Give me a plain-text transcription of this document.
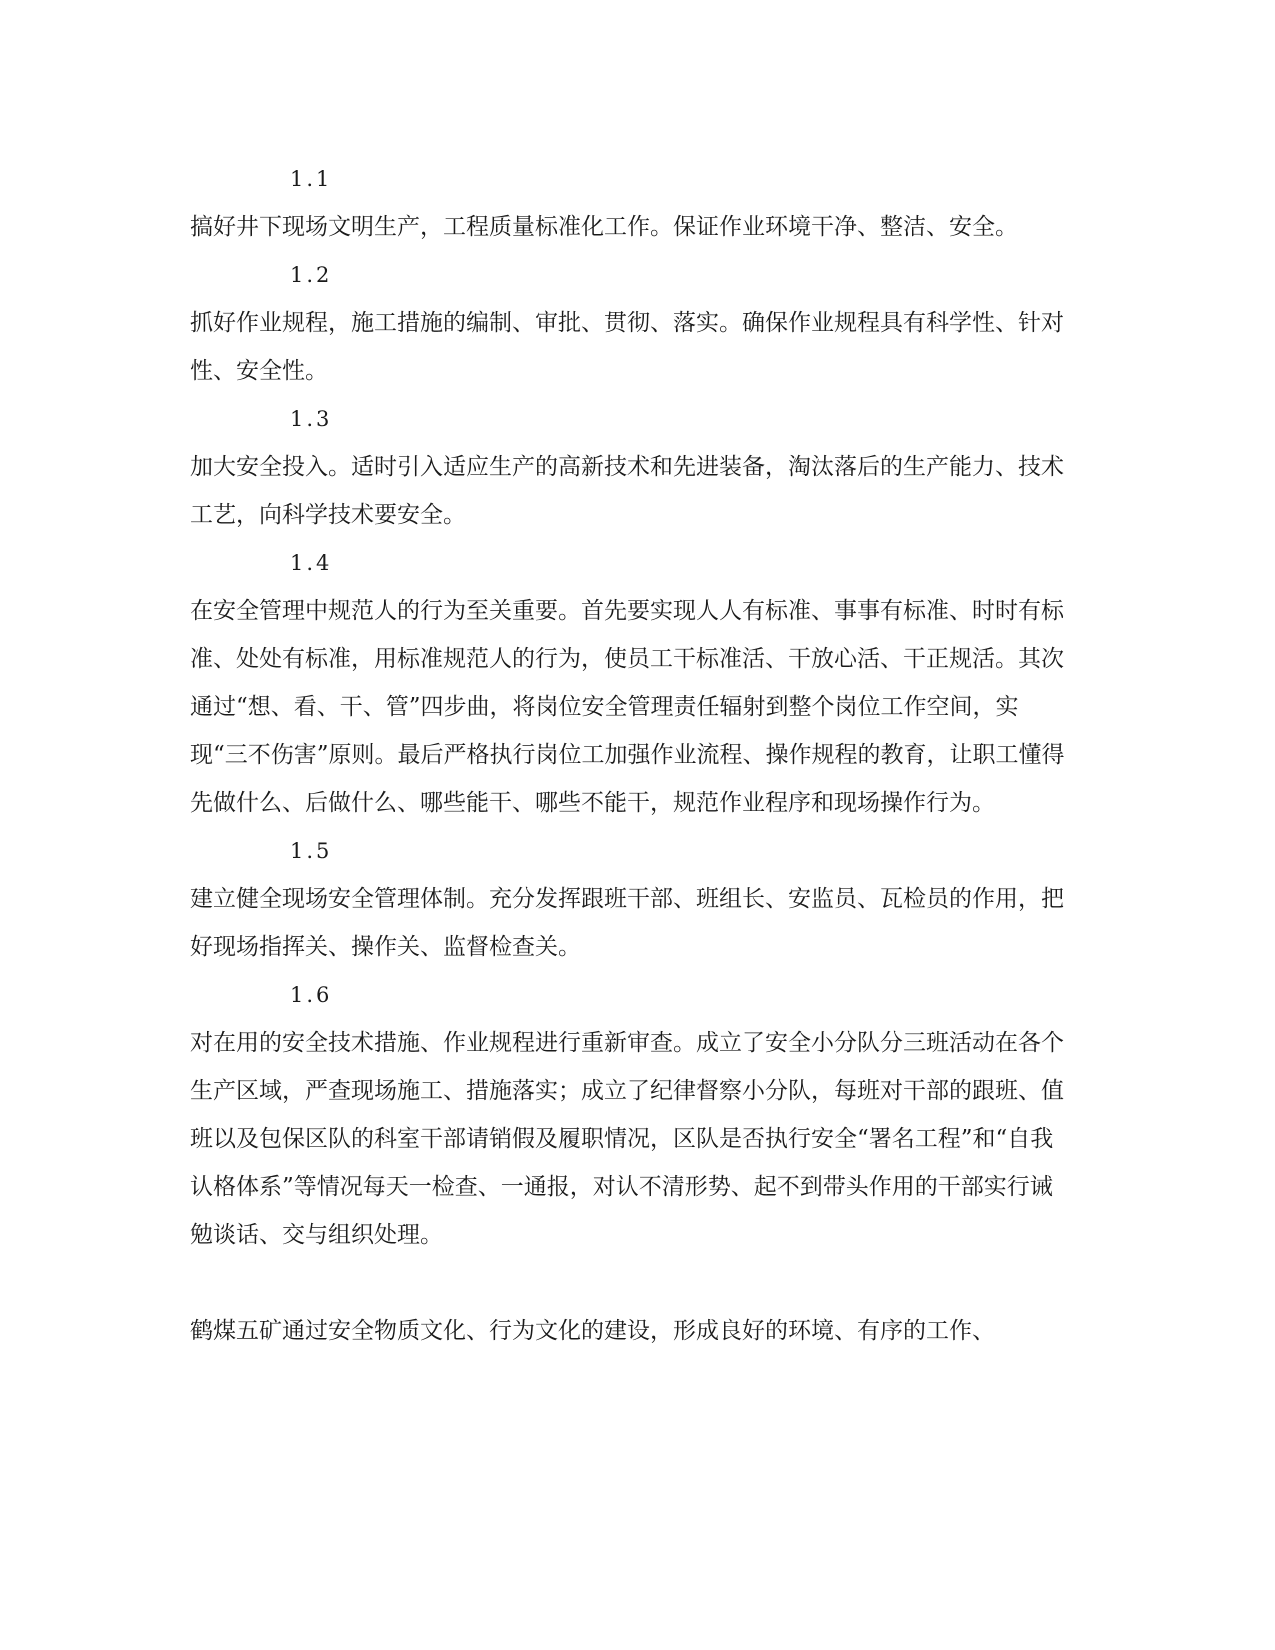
1.1

搞好井下现场文明生产，工程质量标准化工作。保证作业环境干净、整洁、安全。

1.2

抓好作业规程，施工措施的编制、审批、贯彻、落实。确保作业规程具有科学性、针对性、安全性。

1.3

加大安全投入。适时引入适应生产的高新技术和先进装备，淘汰落后的生产能力、技术工艺，向科学技术要安全。

1.4

在安全管理中规范人的行为至关重要。首先要实现人人有标准、事事有标准、时时有标准、处处有标准，用标准规范人的行为，使员工干标准活、干放心活、干正规活。其次通过“想、看、干、管”四步曲，将岗位安全管理责任辐射到整个岗位工作空间，实现“三不伤害”原则。最后严格执行岗位工加强作业流程、操作规程的教育，让职工懂得先做什么、后做什么、哪些能干、哪些不能干，规范作业程序和现场操作行为。

1.5

建立健全现场安全管理体制。充分发挥跟班干部、班组长、安监员、瓦检员的作用，把好现场指挥关、操作关、监督检查关。

1.6

对在用的安全技术措施、作业规程进行重新审查。成立了安全小分队分三班活动在各个生产区域，严查现场施工、措施落实；成立了纪律督察小分队，每班对干部的跟班、值班以及包保区队的科室干部请销假及履职情况，区队是否执行安全“署名工程”和“自我认格体系”等情况每天一检查、一通报，对认不清形势、起不到带头作用的干部实行诫勉谈话、交与组织处理。

鹤煤五矿通过安全物质文化、行为文化的建设，形成良好的环境、有序的工作、
